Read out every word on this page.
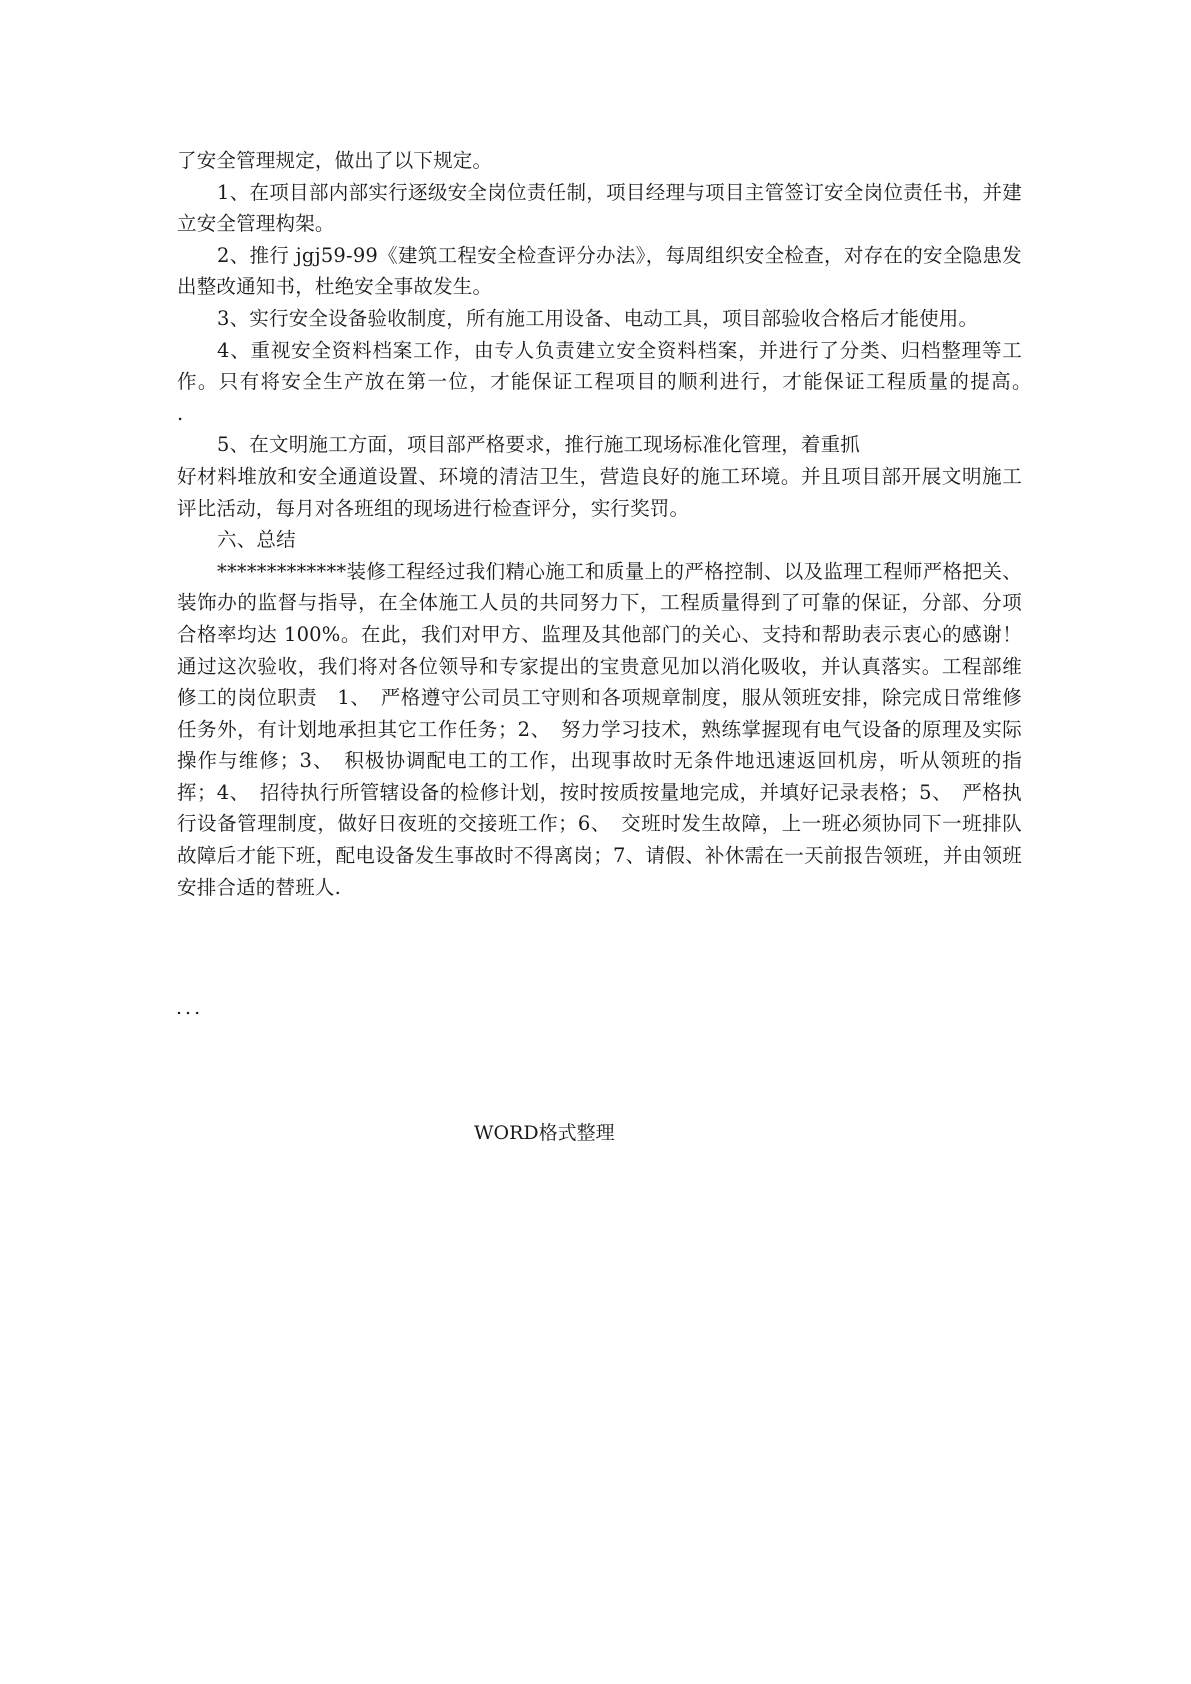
了安全管理规定，做出了以下规定。

1、在项目部内部实行逐级安全岗位责任制，项目经理与项目主管签订安全岗位责任书，并建立安全管理构架。

2、推行 jgj59-99《建筑工程安全检查评分办法》，每周组织安全检查，对存在的安全隐患发出整改通知书，杜绝安全事故发生。

3、实行安全设备验收制度，所有施工用设备、电动工具，项目部验收合格后才能使用。

4、重视安全资料档案工作，由专人负责建立安全资料档案，并进行了分类、归档整理等工作。只有将安全生产放在第一位，才能保证工程项目的顺利进行，才能保证工程质量的提高。　　 .

5、在文明施工方面，项目部严格要求，推行施工现场标准化管理，着重抓

好材料堆放和安全通道设置、环境的清洁卫生，营造良好的施工环境。并且项目部开展文明施工评比活动，每月对各班组的现场进行检查评分，实行奖罚。

六、总结

*************装修工程经过我们精心施工和质量上的严格控制、以及监理工程师严格把关、装饰办的监督与指导，在全体施工人员的共同努力下，工程质量得到了可靠的保证，分部、分项合格率均达 100%。在此，我们对甲方、监理及其他部门的关心、支持和帮助表示衷心的感谢！通过这次验收，我们将对各位领导和专家提出的宝贵意见加以消化吸收，并认真落实。工程部维修工的岗位职责　1、　严格遵守公司员工守则和各项规章制度，服从领班安排，除完成日常维修任务外，有计划地承担其它工作任务；2、　努力学习技术，熟练掌握现有电气设备的原理及实际操作与维修；3、　积极协调配电工的工作，出现事故时无条件地迅速返回机房，听从领班的指挥；4、　招待执行所管辖设备的检修计划，按时按质按量地完成，并填好记录表格；5、　严格执行设备管理制度，做好日夜班的交接班工作；6、　交班时发生故障，上一班必须协同下一班排队故障后才能下班，配电设备发生事故时不得离岗；7、请假、补休需在一天前报告领班，并由领班安排合适的替班人.

...
WORD格式整理
